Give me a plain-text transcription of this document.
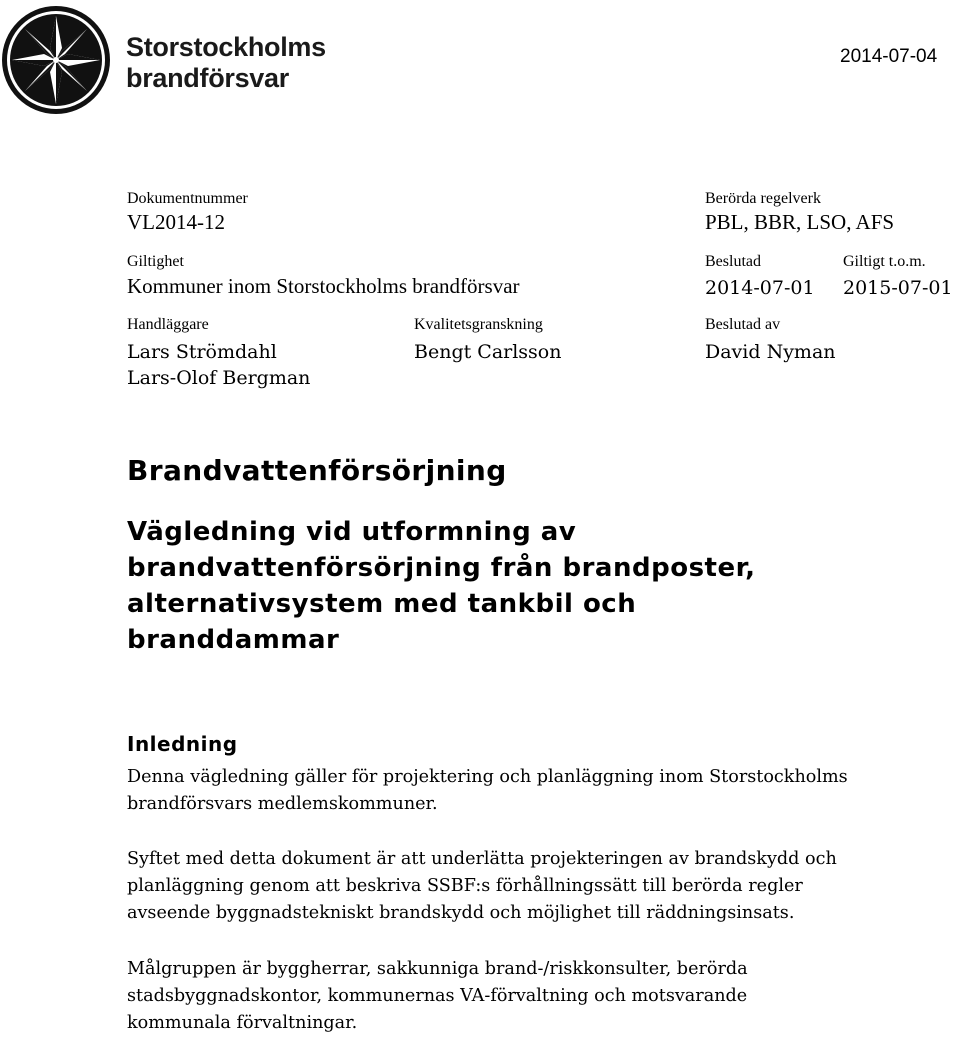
Storstockholms
brandförsvar
2014-07-04
Dokumentnummer
VL2014-12
Berörda regelverk
PBL, BBR, LSO, AFS
Giltighet
Kommuner inom Storstockholms brandförsvar
Beslutad
2014-07-01
Giltigt t.o.m.
2015-07-01
Handläggare
Lars Strömdahl
Lars-Olof Bergman
Kvalitetsgranskning
Bengt Carlsson
Beslutad av
David Nyman
Brandvattenförsörjning
Vägledning vid utformning av
brandvattenförsörjning från brandposter,
alternativsystem med tankbil och
branddammar
Inledning
Denna vägledning gäller för projektering och planläggning inom Storstockholms
brandförsvars medlemskommuner.
Syftet med detta dokument är att underlätta projekteringen av brandskydd och
planläggning genom att beskriva SSBF:s förhållningssätt till berörda regler
avseende byggnadstekniskt brandskydd och möjlighet till räddningsinsats.
Målgruppen är byggherrar, sakkunniga brand-/riskkonsulter, berörda
stadsbyggnadskontor, kommunernas VA-förvaltning och motsvarande
kommunala förvaltningar.
